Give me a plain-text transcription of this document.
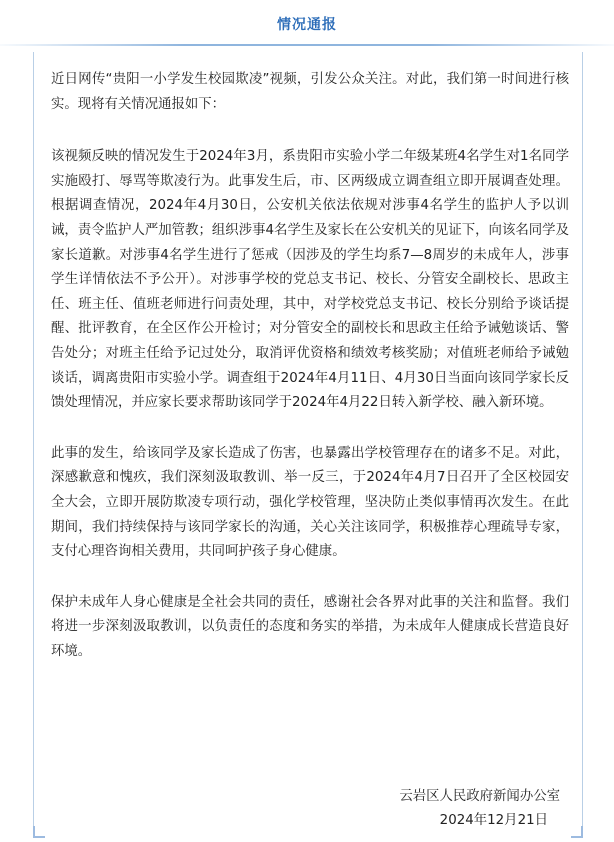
情况通报

近日网传“贵阳一小学发生校园欺凌”视频，引发公众关注。对此，我们第一时间进行核实。现将有关情况通报如下：

该视频反映的情况发生于2024年3月，系贵阳市实验小学二年级某班4名学生对1名同学实施殴打、辱骂等欺凌行为。此事发生后，市、区两级成立调查组立即开展调查处理。根据调查情况，2024年4月30日，公安机关依法依规对涉事4名学生的监护人予以训诫，责令监护人严加管教；组织涉事4名学生及家长在公安机关的见证下，向该名同学及家长道歉。对涉事4名学生进行了惩戒（因涉及的学生均系7—8周岁的未成年人，涉事学生详情依法不予公开）。对涉事学校的党总支书记、校长、分管安全副校长、思政主任、班主任、值班老师进行问责处理，其中，对学校党总支书记、校长分别给予谈话提醒、批评教育，在全区作公开检讨；对分管安全的副校长和思政主任给予诫勉谈话、警告处分；对班主任给予记过处分，取消评优资格和绩效考核奖励；对值班老师给予诫勉谈话，调离贵阳市实验小学。调查组于2024年4月11日、4月30日当面向该同学家长反馈处理情况，并应家长要求帮助该同学于2024年4月22日转入新学校、融入新环境。

此事的发生，给该同学及家长造成了伤害，也暴露出学校管理存在的诸多不足。对此，深感歉意和愧疚，我们深刻汲取教训、举一反三，于2024年4月7日召开了全区校园安全大会，立即开展防欺凌专项行动，强化学校管理，坚决防止类似事情再次发生。在此期间，我们持续保持与该同学家长的沟通，关心关注该同学，积极推荐心理疏导专家，支付心理咨询相关费用，共同呵护孩子身心健康。

保护未成年人身心健康是全社会共同的责任，感谢社会各界对此事的关注和监督。我们将进一步深刻汲取教训，以负责任的态度和务实的举措，为未成年人健康成长营造良好环境。

云岩区人民政府新闻办公室
2024年12月21日
